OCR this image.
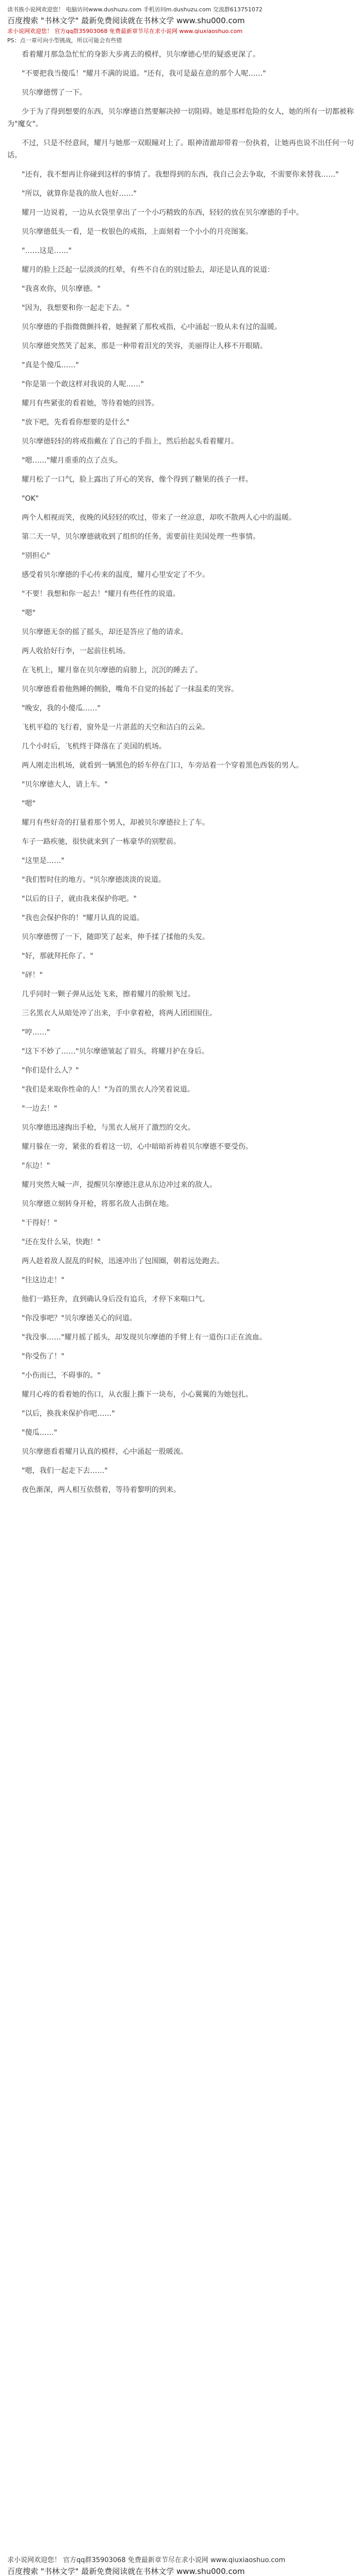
读书族小说网欢迎您！ 电脑访问www.dushuzu.com 手机访问m.dushuzu.com 交流群613751072
百度搜索 "书林文学" 最新免费阅读就在书林文学 www.shu000.com
求小说网欢迎您！ 官方qq群35903068 免费最新章节尽在求小说网 www.qiuxiaoshuo.com
PS：点一章可向小型挑战，所以可能会有些错

看着耀月那急急忙忙的身影大步离去的模样，贝尔摩德心里的疑惑更深了。

"不要把我当傻瓜！"耀月不满的说道。"还有，我可是最在意的那个人呢……"

贝尔摩德愣了一下。

少于为了得到想要的东西，贝尔摩德自然要解决掉一切阻碍。她是那样危险的女人，她的所有一切都被称为"魔女"。

不过，只是不经意间，耀月与她那一双眼瞳对上了。眼神清澈却带着一份执着，让她再也说不出任何一句话。

"还有，我不想再让你碰到这样的事情了。我想得到的东西，我自己会去争取，不需要你来替我……"

"所以，就算你是我的敌人也好……"

耀月一边说着，一边从衣袋里拿出了一个小巧精致的东西，轻轻的放在贝尔摩德的手中。

贝尔摩德低头一看，是一枚银色的戒指，上面刻着一个小小的月亮图案。

"……这是……"

耀月的脸上泛起一层淡淡的红晕，有些不自在的别过脸去，却还是认真的说道：

"我喜欢你，贝尔摩德。"

"因为，我想要和你一起走下去。"

贝尔摩德的手指微微颤抖着，她握紧了那枚戒指，心中涌起一股从未有过的温暖。

贝尔摩德突然笑了起来，那是一种带着泪光的笑容，美丽得让人移不开眼睛。

"真是个傻瓜……"

"你是第一个敢这样对我说的人呢……"

耀月有些紧张的看着她，等待着她的回答。

"放下吧，先看看你想要的是什么"

贝尔摩德轻轻的将戒指戴在了自己的手指上，然后抬起头看着耀月。

"嗯……"耀月重重的点了点头。

耀月松了一口气，脸上露出了开心的笑容，像个得到了糖果的孩子一样。

"OK"

两个人相视而笑，夜晚的风轻轻的吹过，带来了一丝凉意，却吹不散两人心中的温暖。

第二天一早，贝尔摩德就收到了组织的任务，需要前往美国处理一些事情。

"别担心"

感受着贝尔摩德的手心传来的温度，耀月心里安定了不少。

"不要！我想和你一起去！"耀月有些任性的说道。

"嗯"

贝尔摩德无奈的摇了摇头，却还是答应了他的请求。

两人收拾好行李，一起前往机场。

在飞机上，耀月靠在贝尔摩德的肩膀上，沉沉的睡去了。

贝尔摩德看着他熟睡的侧脸，嘴角不自觉的扬起了一抹温柔的笑容。

"晚安，我的小傻瓜……"

飞机平稳的飞行着，窗外是一片湛蓝的天空和洁白的云朵。

几个小时后，飞机终于降落在了美国的机场。

两人刚走出机场，就看到一辆黑色的轿车停在门口，车旁站着一个穿着黑色西装的男人。

"贝尔摩德大人，请上车。"

"嗯"

耀月有些好奇的打量着那个男人，却被贝尔摩德拉上了车。

车子一路疾驰，很快就来到了一栋豪华的别墅前。

"这里是……"

"我们暂时住的地方。"贝尔摩德淡淡的说道。

"以后的日子，就由我来保护你吧。"

"我也会保护你的！"耀月认真的说道。

贝尔摩德愣了一下，随即笑了起来，伸手揉了揉他的头发。

"好，那就拜托你了。"

"砰！"

几乎同时一颗子弹从远处飞来，擦着耀月的脸颊飞过。

三名黑衣人从暗处冲了出来，手中拿着枪，将两人团团围住。

"哼……"

"这下不妙了……"贝尔摩德皱起了眉头，将耀月护在身后。

"你们是什么人？"

"我们是来取你性命的人！"为首的黑衣人冷笑着说道。

"一边去！"

贝尔摩德迅速掏出手枪，与黑衣人展开了激烈的交火。

耀月躲在一旁，紧张的看着这一切，心中暗暗祈祷着贝尔摩德不要受伤。

"东边！"

耀月突然大喊一声，提醒贝尔摩德注意从东边冲过来的敌人。

贝尔摩德立刻转身开枪，将那名敌人击倒在地。

"干得好！"

"还在发什么呆，快跑！"

两人趁着敌人混乱的时候，迅速冲出了包围圈，朝着远处跑去。

"往这边走！"

他们一路狂奔，直到确认身后没有追兵，才停下来喘口气。

"你没事吧？"贝尔摩德关心的问道。

"我没事……"耀月摇了摇头，却发现贝尔摩德的手臂上有一道伤口正在流血。

"你受伤了！"

"小伤而已，不碍事的。"

耀月心疼的看着她的伤口，从衣服上撕下一块布，小心翼翼的为她包扎。

"以后，换我来保护你吧……"

"傻瓜……"

贝尔摩德看着耀月认真的模样，心中涌起一股暖流。

"嗯，我们一起走下去……"

夜色渐深，两人相互依偎着，等待着黎明的到来。

求小说网欢迎您！ 官方qq群35903068 免费最新章节尽在求小说网 www.qiuxiaoshuo.com
百度搜索 "书林文学" 最新免费阅读就在书林文学 www.shu000.com
